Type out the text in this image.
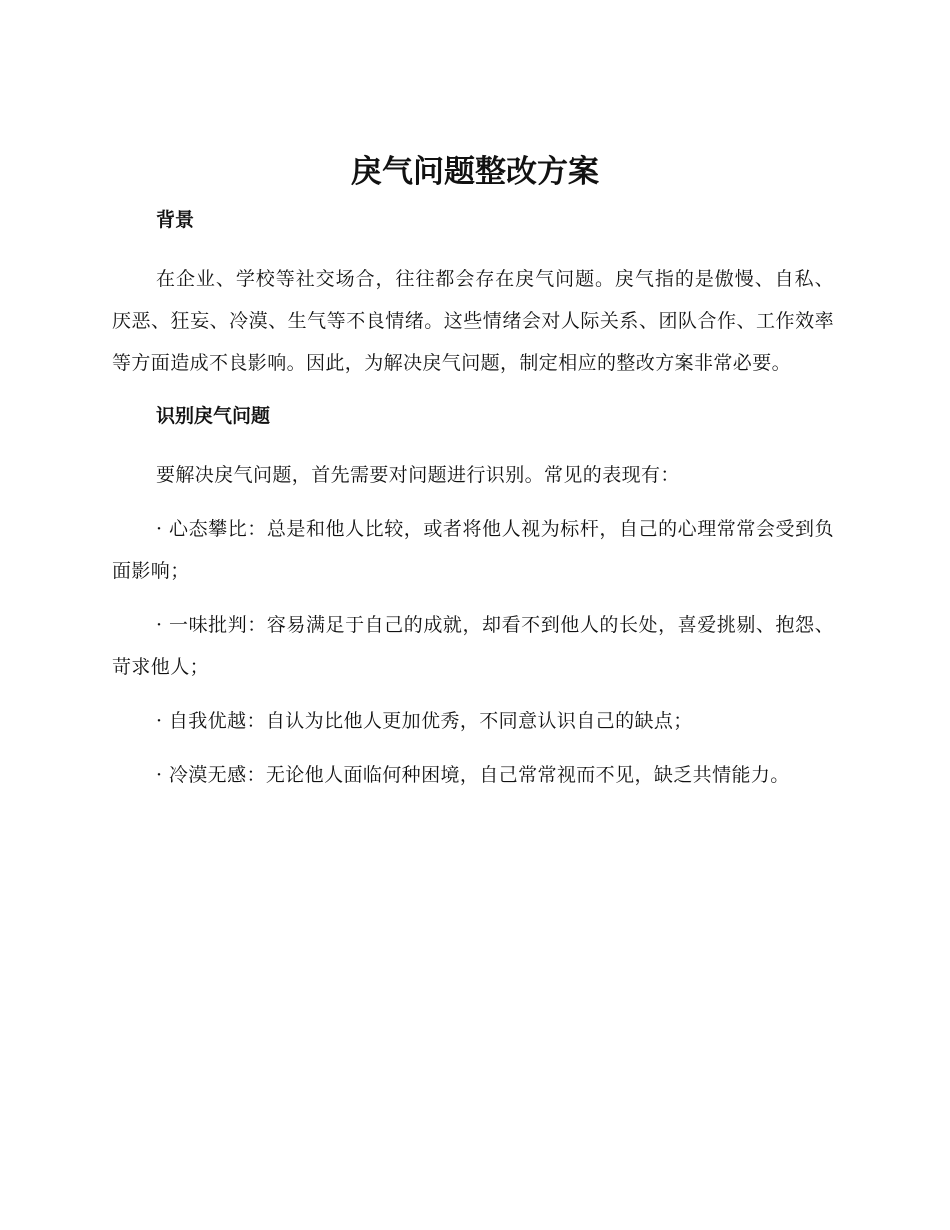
戾气问题整改方案
背景

在企业、学校等社交场合，往往都会存在戾气问题。戾气指的是傲慢、自私、厌恶、狂妄、冷漠、生气等不良情绪。这些情绪会对人际关系、团队合作、工作效率等方面造成不良影响。因此，为解决戾气问题，制定相应的整改方案非常必要。

识别戾气问题

要解决戾气问题，首先需要对问题进行识别。常见的表现有：

· 心态攀比：总是和他人比较，或者将他人视为标杆，自己的心理常常会受到负面影响；

· 一味批判：容易满足于自己的成就，却看不到他人的长处，喜爱挑剔、抱怨、苛求他人；

· 自我优越：自认为比他人更加优秀，不同意认识自己的缺点；

· 冷漠无感：无论他人面临何种困境，自己常常视而不见，缺乏共情能力。
